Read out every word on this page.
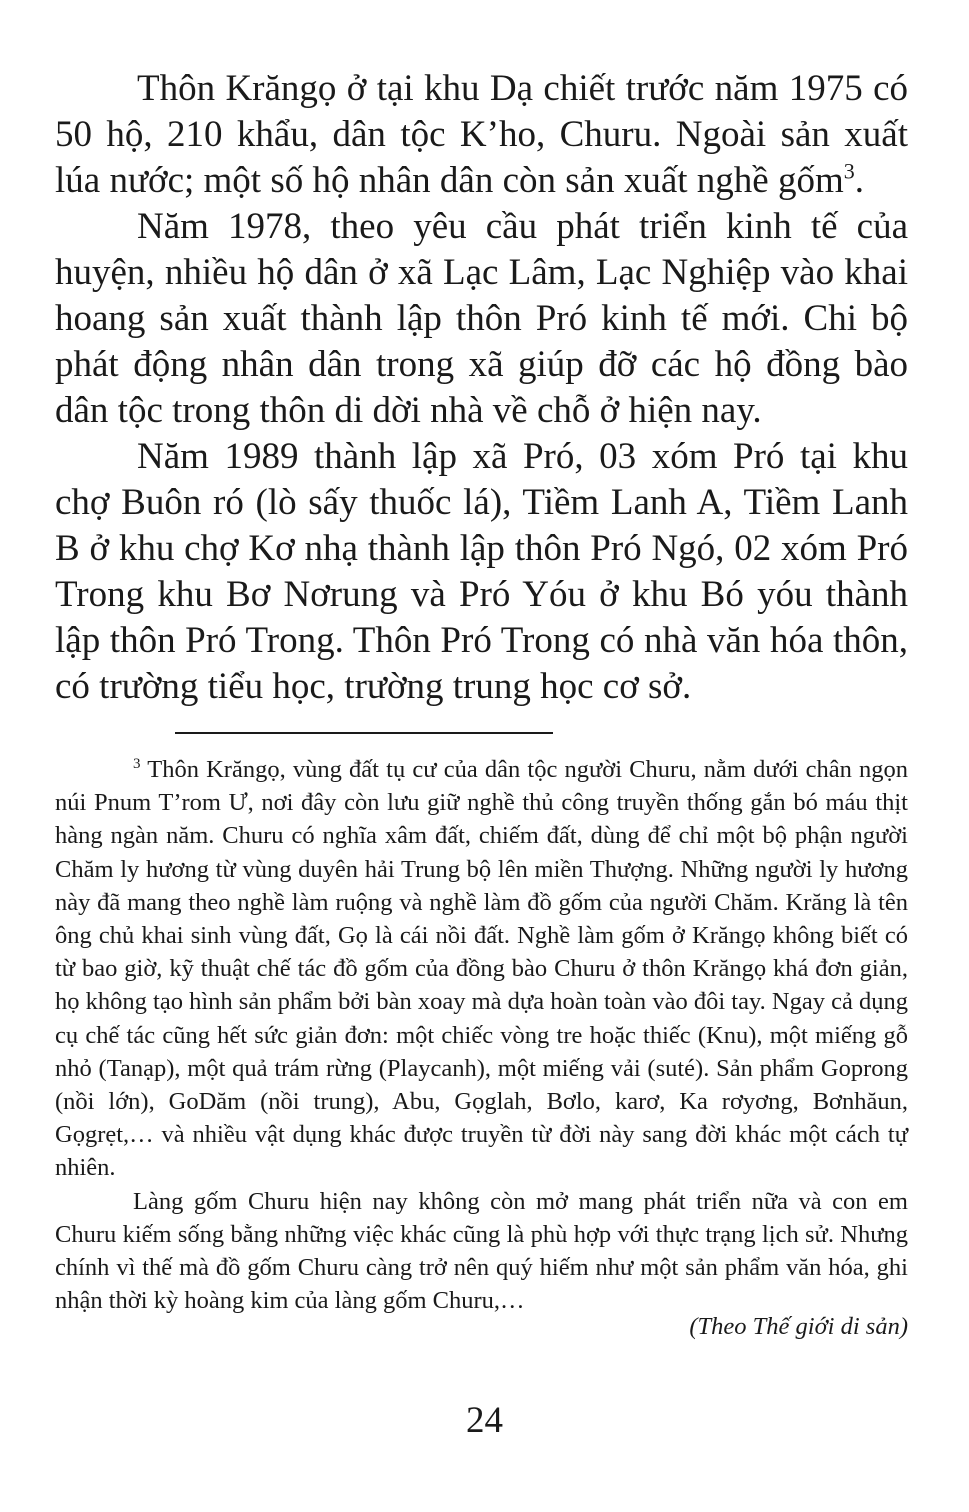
Thôn Krăngọ ở tại khu Dạ chiết trước năm 1975 có 50 hộ, 210 khẩu, dân tộc K’ho, Churu. Ngoài sản xuất lúa nước; một số hộ nhân dân còn sản xuất nghề gốm$^3$.

Năm 1978, theo yêu cầu phát triển kinh tế của huyện, nhiều hộ dân ở xã Lạc Lâm, Lạc Nghiệp vào khai hoang sản xuất thành lập thôn Pró kinh tế mới. Chi bộ phát động nhân dân trong xã giúp đỡ các hộ đồng bào dân tộc trong thôn di dời nhà về chỗ ở hiện nay.

Năm 1989 thành lập xã Pró, 03 xóm Pró tại khu chợ Buôn ró (lò sấy thuốc lá), Tiềm Lanh A, Tiềm Lanh B ở khu chợ Kơ nhạ thành lập thôn Pró Ngó, 02 xóm Pró Trong khu Bơ Nơrung và Pró Yóu ở khu Bó yóu thành lập thôn Pró Trong. Thôn Pró Trong có nhà văn hóa thôn, có trường tiểu học, trường trung học cơ sở.

$^3$ Thôn Krăngọ, vùng đất tụ cư của dân tộc người Churu, nằm dưới chân ngọn núi Pnum T’rom Ư, nơi đây còn lưu giữ nghề thủ công truyền thống gắn bó máu thịt hàng ngàn năm. Churu có nghĩa xâm đất, chiếm đất, dùng để chỉ một bộ phận người Chăm ly hương từ vùng duyên hải Trung bộ lên miền Thượng. Những người ly hương này đã mang theo nghề làm ruộng và nghề làm đồ gốm của người Chăm. Krăng là tên ông chủ khai sinh vùng đất, Gọ là cái nồi đất. Nghề làm gốm ở Krăngọ không biết có từ bao giờ, kỹ thuật chế tác đồ gốm của đồng bào Churu ở thôn Krăngọ khá đơn giản, họ không tạo hình sản phẩm bởi bàn xoay mà dựa hoàn toàn vào đôi tay. Ngay cả dụng cụ chế tác cũng hết sức giản đơn: một chiếc vòng tre hoặc thiếc (Knu), một miếng gỗ nhỏ (Tanạp), một quả trám rừng (Playcanh), một miếng vải (suté). Sản phẩm Goprong (nồi lớn), GoDăm (nồi trung), Abu, Gọglah, Bơlo, karơ, Ka rơyơng, Bơnhăun, Gọgrẹt,… và nhiều vật dụng khác được truyền từ đời này sang đời khác một cách tự nhiên.

Làng gốm Churu hiện nay không còn mở mang phát triển nữa và con em Churu kiếm sống bằng những việc khác cũng là phù hợp với thực trạng lịch sử. Nhưng chính vì thế mà đồ gốm Churu càng trở nên quý hiếm như một sản phẩm văn hóa, ghi nhận thời kỳ hoàng kim của làng gốm Churu,…

(Theo Thế giới di sản)
24
